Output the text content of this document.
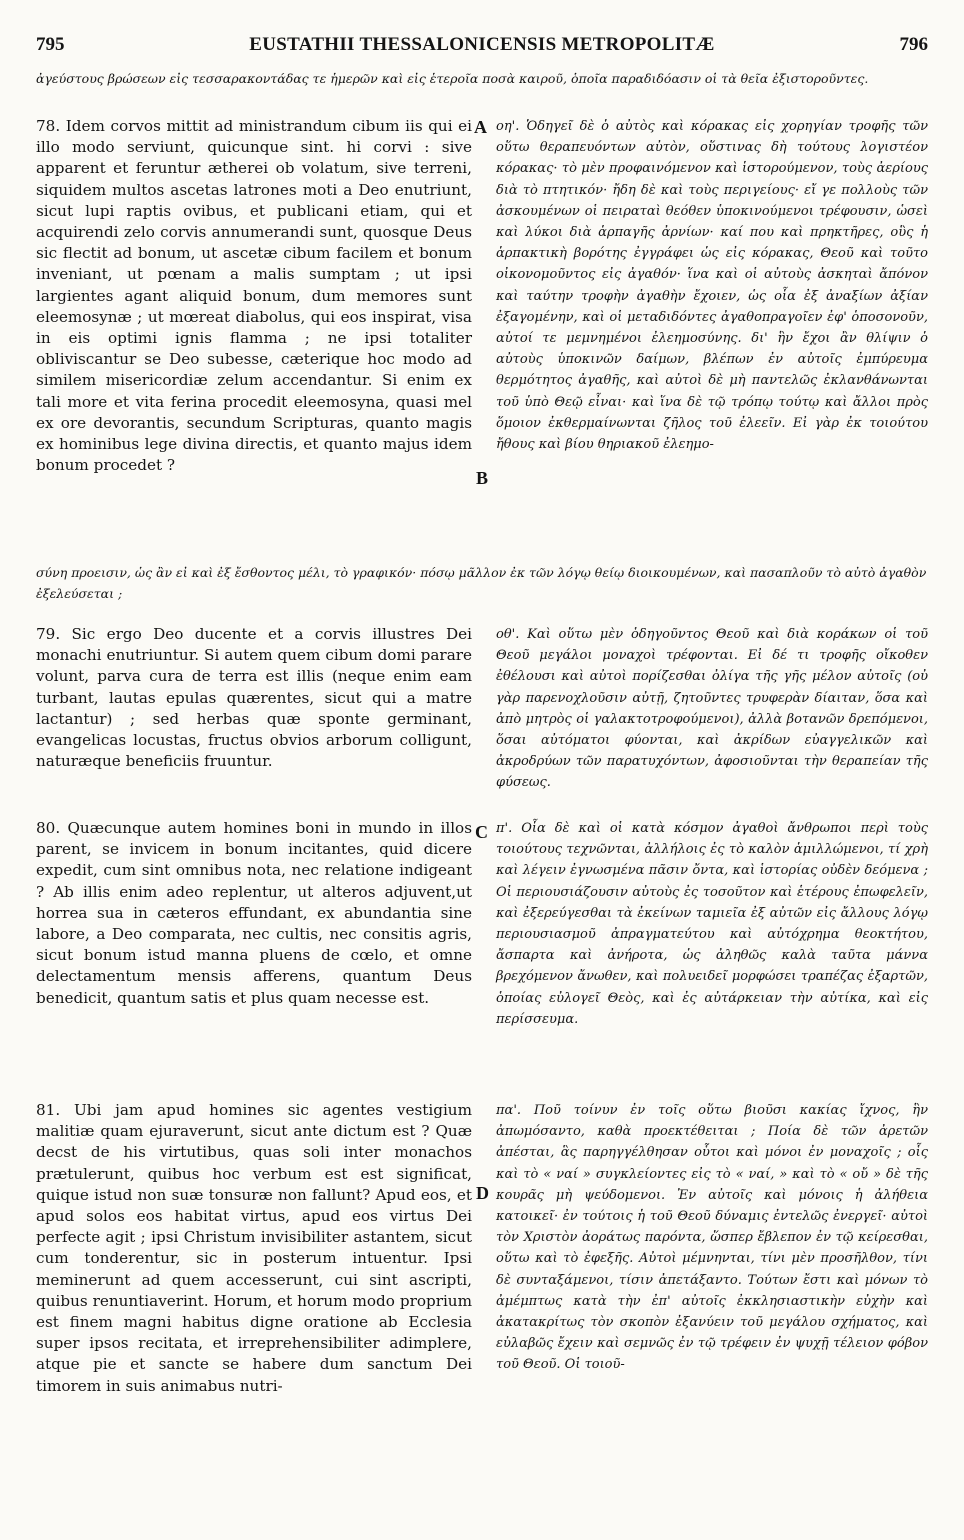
795	EUSTATHII THESSALONICENSIS METROPOLITÆ	796

ἀγεύστους βρώσεων εἰς τεσσαρακοντάδας τε ἡμερῶν καὶ εἰς ἑτεροῖα ποσὰ καιροῦ, ὁποῖα παραδιδόασιν οἱ τὰ θεῖα ἐξιστοροῦντες.

78. Idem corvos mittit ad ministrandum cibum iis qui ei illo modo serviunt, quicunque sint. hi corvi : sive apparent et feruntur ætherei ob volatum, sive terreni, siquidem multos ascetas latrones moti a Deo enutriunt, sicut lupi raptis ovibus, et publicani etiam, qui et acquirendi zelo corvis annumerandi sunt, quosque Deus sic flectit ad bonum, ut ascetæ cibum facilem et bonum inveniant, ut pœnam a malis sumptam ; ut ipsi largientes agant aliquid bonum, dum memores sunt eleemosynæ ; ut mœreat diabolus, qui eos inspirat, visa in eis optimi ignis flamma ; ne ipsi totaliter obliviscantur se Deo subesse, cæterique hoc modo ad similem misericordiæ zelum accendantur. Si enim ex tali more et vita ferina procedit eleemosyna, quasi mel ex ore devorantis, secundum Scripturas, quanto magis ex hominibus lege divina directis, et quanto majus idem bonum procedet ?

οη'. Ὁδηγεῖ δὲ ὁ αὐτὸς καὶ κόρακας εἰς χορηγίαν τροφῆς τῶν οὕτω θεραπευόντων αὐτὸν, οὕστινας δὴ τούτους λογιστέον κόρακας· τὸ μὲν προφαινόμενον καὶ ἱστορούμενον, τοὺς ἀερίους διὰ τὸ πτητικόν· ἤδη δὲ καὶ τοὺς περιγείους· εἴ γε πολλοὺς τῶν ἀσκουμένων οἱ πειραταὶ θεόθεν ὑποκινούμενοι τρέφουσιν, ὡσεὶ καὶ λύκοι διὰ ἁρπαγῆς ἀρνίων· καί που καὶ πρηκτῆρες, οὓς ἡ ἁρπακτικὴ βορότης ἐγγράφει ὡς εἰς κόρακας, Θεοῦ καὶ τοῦτο οἰκονομοῦντος εἰς ἀγαθόν· ἵνα καὶ οἱ αὐτοὺς ἀσκηταὶ ἄπόνον καὶ ταύτην τροφὴν ἀγαθὴν ἔχοιεν, ὡς οἷα ἐξ ἀναξίων ἀξίαν ἐξαγομένην, καὶ οἱ μεταδιδόντες ἀγαθοπραγοῖεν ἐφ' ὁποσονοῦν, αὐτοί τε μεμνημένοι ἐλεημοσύνης. δι' ἣν ἔχοι ἂν θλίψιν ὁ αὐτοὺς ὑποκινῶν δαίμων, βλέπων ἐν αὐτοῖς ἐμπύρευμα θερμότητος ἀγαθῆς, καὶ αὐτοὶ δὲ μὴ παντελῶς ἐκλανθάνωνται τοῦ ὑπὸ Θεῷ εἶναι· καὶ ἵνα δὲ τῷ τρόπῳ τούτῳ καὶ ἄλλοι πρὸς ὅμοιον ἐκθερμαίνωνται ζῆλος τοῦ ἐλεεῖν. Εἰ γὰρ ἐκ τοιούτου ἤθους καὶ βίου θηριακοῦ ἐλεημο-

σύνη προεισιν, ὡς ἂν εἰ καὶ ἐξ ἔσθοντος μέλι, τὸ γραφικόν· πόσῳ μᾶλλον ἐκ τῶν λόγῳ θείῳ διοικουμένων, καὶ πασαπλοῦν τὸ αὐτὸ ἀγαθὸν ἐξελεύσεται ;

79. Sic ergo Deo ducente et a corvis illustres Dei monachi enutriuntur. Si autem quem cibum domi parare volunt, parva cura de terra est illis (neque enim eam turbant, lautas epulas quærentes, sicut qui a matre lactantur) ; sed herbas quæ sponte germinant, evangelicas locustas, fructus obvios arborum colligunt, naturæque beneficiis fruuntur.

οθ'. Καὶ οὕτω μὲν ὁδηγοῦντος Θεοῦ καὶ διὰ κοράκων οἱ τοῦ Θεοῦ μεγάλοι μοναχοὶ τρέφονται. Εἰ δέ τι τροφῆς οἴκοθεν ἐθέλουσι καὶ αὐτοὶ πορίζεσθαι ὀλίγα τῆς γῆς μέλον αὐτοῖς (οὐ γὰρ παρενοχλοῦσιν αὐτῇ, ζητοῦντες τρυφερὰν δίαιταν, ὅσα καὶ ἀπὸ μητρὸς οἱ γαλακτοτροφούμενοι), ἀλλὰ βοτανῶν δρεπόμενοι, ὅσαι αὐτόματοι φύονται, καὶ ἀκρίδων εὐαγγελικῶν καὶ ἀκροδρύων τῶν παρατυχόντων, ἀφοσιοῦνται τὴν θεραπείαν τῆς φύσεως.

80. Quæcunque autem homines boni in mundo in illos parent, se invicem in bonum incitantes, quid dicere expedit, cum sint omnibus nota, nec relatione indigeant ? Ab illis enim adeo replentur, ut alteros adjuvent,ut horrea sua in cæteros effundant, ex abundantia sine labore, a Deo comparata, nec cultis, nec consitis agris, sicut bonum istud manna pluens de cœlo, et omne delectamentum mensis afferens, quantum Deus benedicit, quantum satis et plus quam necesse est.

π'. Οἷα δὲ καὶ οἱ κατὰ κόσμον ἀγαθοὶ ἄνθρωποι περὶ τοὺς τοιούτους τεχνῶνται, ἀλλήλοις ἐς τὸ καλὸν ἁμιλλώμενοι, τί χρὴ καὶ λέγειν ἐγνωσμένα πᾶσιν ὄντα, καὶ ἱστορίας οὐδὲν δεόμενα ; Οἱ περιουσιάζουσιν αὐτοὺς ἐς τοσοῦτον καὶ ἑτέρους ἐπωφελεῖν, καὶ ἐξερεύγεσθαι τὰ ἐκείνων ταμιεῖα ἐξ αὐτῶν εἰς ἄλλους λόγῳ περιουσιασμοῦ ἀπραγματεύτου καὶ αὐτόχρημα θεοκτήτου, ἄσπαρτα καὶ ἀνήροτα, ὡς ἀληθῶς καλὰ ταῦτα μάννα βρεχόμενον ἄνωθεν, καὶ πολυειδεῖ μορφώσει τραπέζας ἐξαρτῶν, ὁποίας εὐλογεῖ Θεὸς, καὶ ἐς αὐτάρκειαν τὴν αὐτίκα, καὶ εἰς περίσσευμα.

81. Ubi jam apud homines sic agentes vestigium malitiæ quam ejuraverunt, sicut ante dictum est ? Quæ decst de his virtutibus, quas soli inter monachos prætulerunt, quibus hoc verbum est est significat, quique istud non suæ tonsuræ non fallunt? Apud eos, et apud solos eos habitat virtus, apud eos virtus Dei perfecte agit ; ipsi Christum invisibiliter astantem, sicut cum tonderentur, sic in posterum intuentur. Ipsi meminerunt ad quem accesserunt, cui sint ascripti, quibus renuntiaverint. Horum, et horum modo proprium est finem magni habitus digne oratione ab Ecclesia super ipsos recitata, et irreprehensibiliter adimplere, atque pie et sancte se habere dum sanctum Dei timorem in suis animabus nutri-

πα'. Ποῦ τοίνυν ἐν τοῖς οὕτω βιοῦσι κακίας ἴχνος, ἣν ἀπωμόσαντο, καθὰ προεκτέθειται ; Ποία δὲ τῶν ἀρετῶν ἀπέσται, ἃς παρηγγέλθησαν οὗτοι καὶ μόνοι ἐν μοναχοῖς ; οἷς καὶ τὸ « ναί » συγκλείοντες εἰς τὸ « ναί, » καὶ τὸ « οὔ » δὲ τῆς κουρᾶς μὴ ψεύδομενοι. Ἐν αὐτοῖς καὶ μόνοις ἡ ἀλήθεια κατοικεῖ· ἐν τούτοις ἡ τοῦ Θεοῦ δύναμις ἐντελῶς ἐνεργεῖ· αὐτοὶ τὸν Χριστὸν ἀοράτως παρόντα, ὥσπερ ἔβλεπον ἐν τῷ κείρεσθαι, οὕτω καὶ τὸ ἐφεξῆς. Αὐτοὶ μέμνηνται, τίνι μὲν προσῆλθον, τίνι δὲ συνταξάμενοι, τίσιν ἀπετάξαντο. Τούτων ἔστι καὶ μόνων τὸ ἀμέμπτως κατὰ τὴν ἐπ' αὐτοῖς ἐκκλησιαστικὴν εὐχὴν καὶ ἀκατακρίτως τὸν σκοπὸν ἐξανύειν τοῦ μεγάλου σχήματος, καὶ εὐλαβῶς ἔχειν καὶ σεμνῶς ἐν τῷ τρέφειν ἐν ψυχῇ τέλειον φόβον τοῦ Θεοῦ. Οἱ τοιοῦ-

A
B
C
D
